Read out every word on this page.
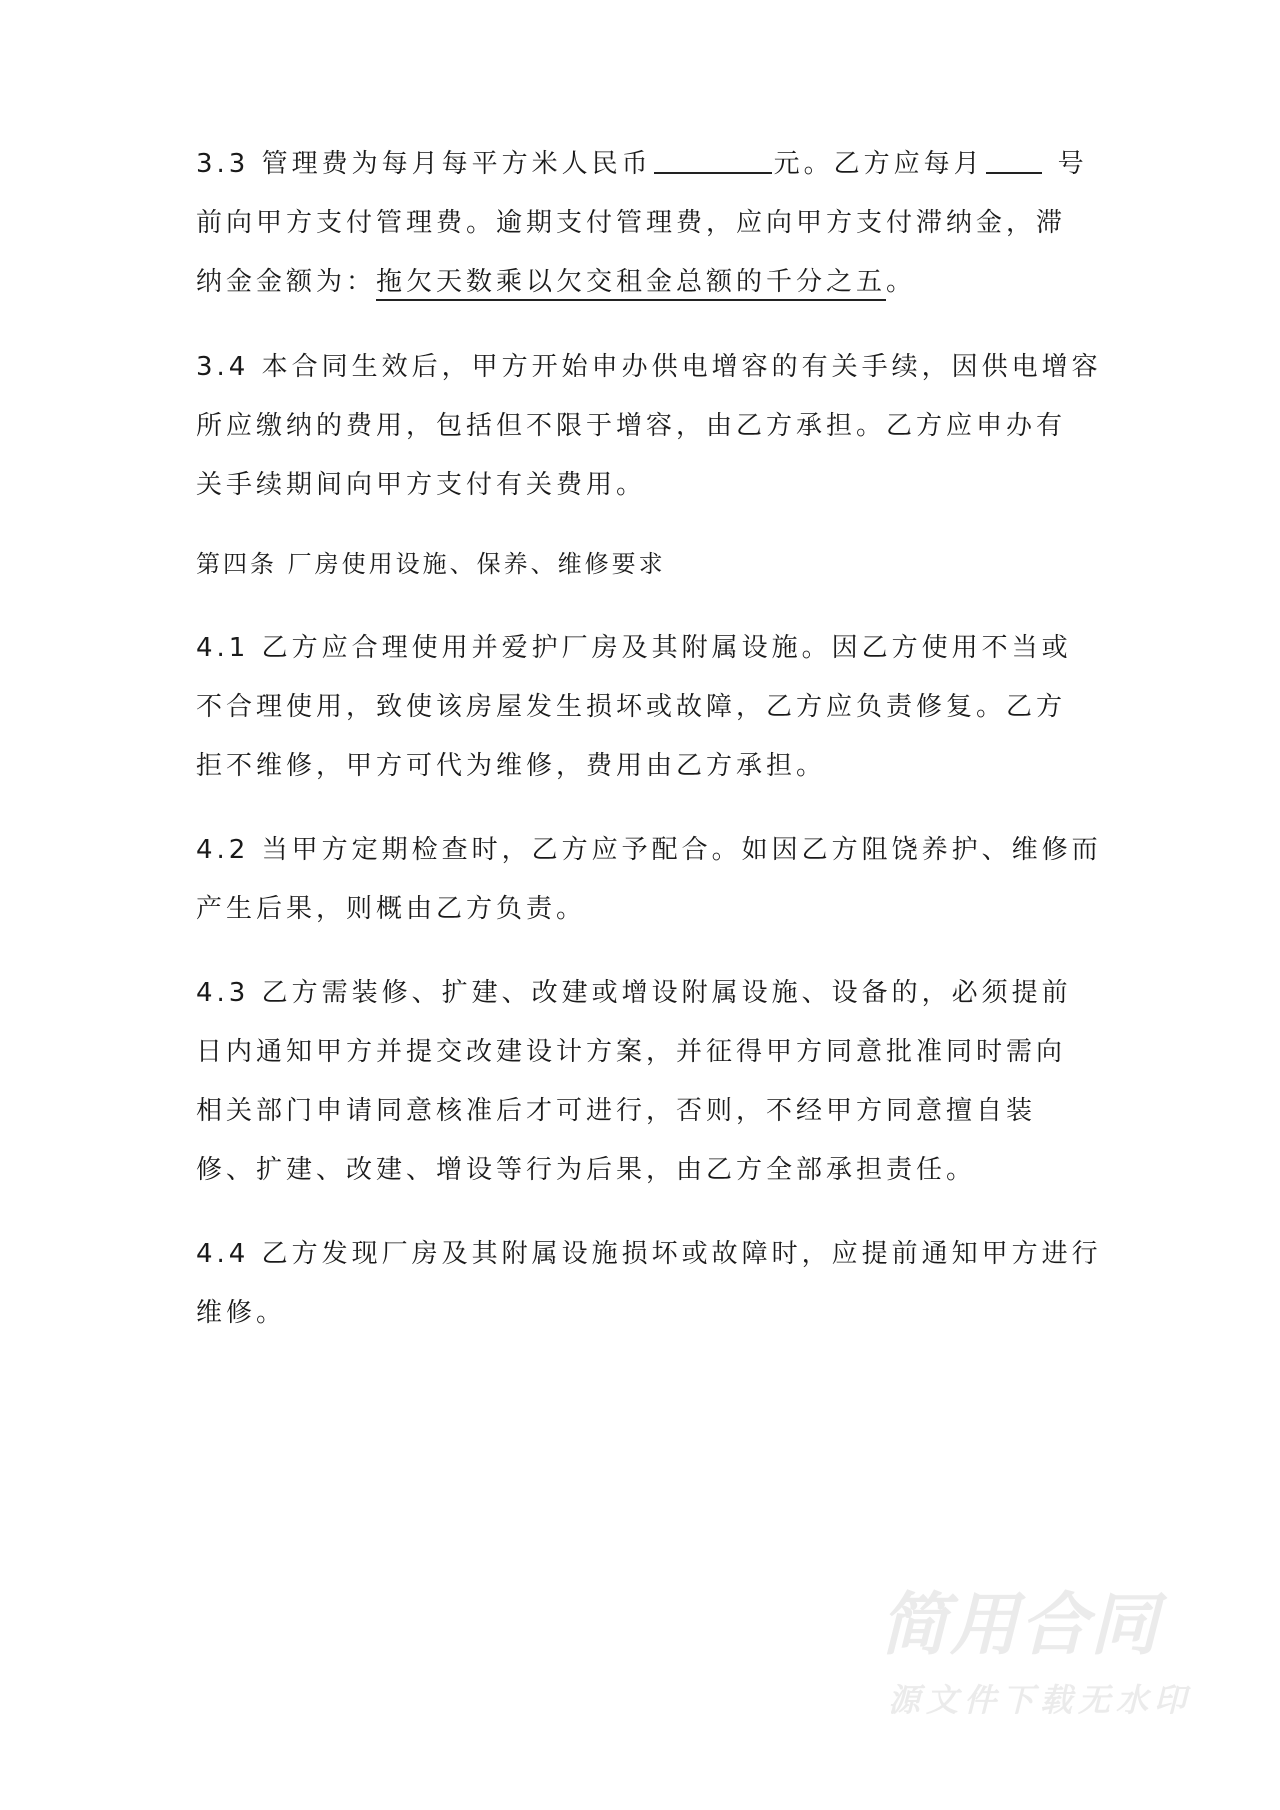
3.3 管理费为每月每平方米人民币	元。乙方应每月	号
前向甲方支付管理费。逾期支付管理费，应向甲方支付滞纳金，滞
纳金金额为：拖欠天数乘以欠交租金总额的千分之五。
3.4 本合同生效后，甲方开始申办供电增容的有关手续，因供电增容
所应缴纳的费用，包括但不限于增容，由乙方承担。乙方应申办有
关手续期间向甲方支付有关费用。
第四条 厂房使用设施、保养、维修要求
4.1 乙方应合理使用并爱护厂房及其附属设施。因乙方使用不当或
不合理使用，致使该房屋发生损坏或故障，乙方应负责修复。乙方
拒不维修，甲方可代为维修，费用由乙方承担。
4.2 当甲方定期检查时，乙方应予配合。如因乙方阻饶养护、维修而
产生后果，则概由乙方负责。
4.3 乙方需装修、扩建、改建或增设附属设施、设备的，必须提前
日内通知甲方并提交改建设计方案，并征得甲方同意批准同时需向
相关部门申请同意核准后才可进行，否则，不经甲方同意擅自装
修、扩建、改建、增设等行为后果，由乙方全部承担责任。
4.4 乙方发现厂房及其附属设施损坏或故障时，应提前通知甲方进行
维修。
简用合同
源文件下载无水印
